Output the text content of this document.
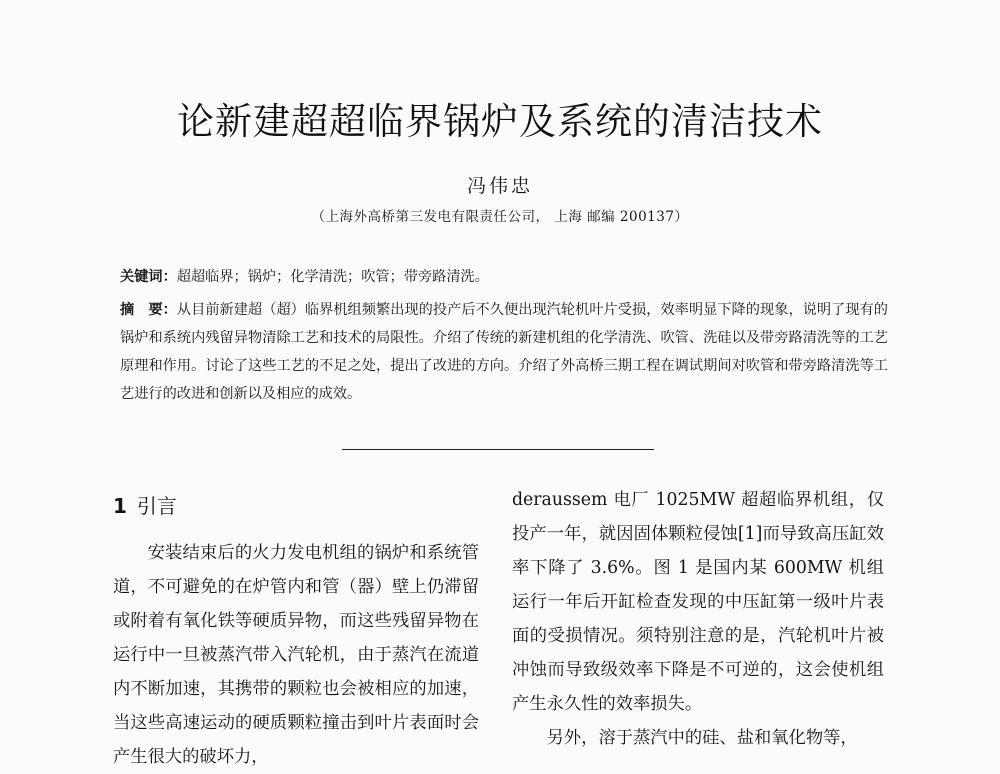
论新建超超临界锅炉及系统的清洁技术
冯伟忠
（上海外高桥第三发电有限责任公司， 上海 邮编 200137）
关键词：超超临界；锅炉；化学清洗；吹管；带旁路清洗。
摘　要：从目前新建超（超）临界机组频繁出现的投产后不久便出现汽轮机叶片受损，效率明显下降的现象，说明了现有的锅炉和系统内残留异物清除工艺和技术的局限性。介绍了传统的新建机组的化学清洗、吹管、洗硅以及带旁路清洗等的工艺原理和作用。讨论了这些工艺的不足之处，提出了改进的方向。介绍了外高桥三期工程在调试期间对吹管和带旁路清洗等工艺进行的改进和创新以及相应的成效。
1 引言

安装结束后的火力发电机组的锅炉和系统管道，不可避免的在炉管内和管（器）壁上仍滞留或附着有氧化铁等硬质异物，而这些残留异物在运行中一旦被蒸汽带入汽轮机，由于蒸汽在流道内不断加速，其携带的颗粒也会被相应的加速，当这些高速运动的硬质颗粒撞击到叶片表面时会产生很大的破坏力，

deraussem 电厂 1025MW 超超临界机组，仅投产一年，就因固体颗粒侵蚀[1]而导致高压缸效率下降了 3.6%。图 1 是国内某 600MW 机组运行一年后开缸检查发现的中压缸第一级叶片表面的受损情况。须特别注意的是，汽轮机叶片被冲蚀而导致级效率下降是不可逆的，这会使机组产生永久性的效率损失。

另外，溶于蒸汽中的硅、盐和氧化物等，
